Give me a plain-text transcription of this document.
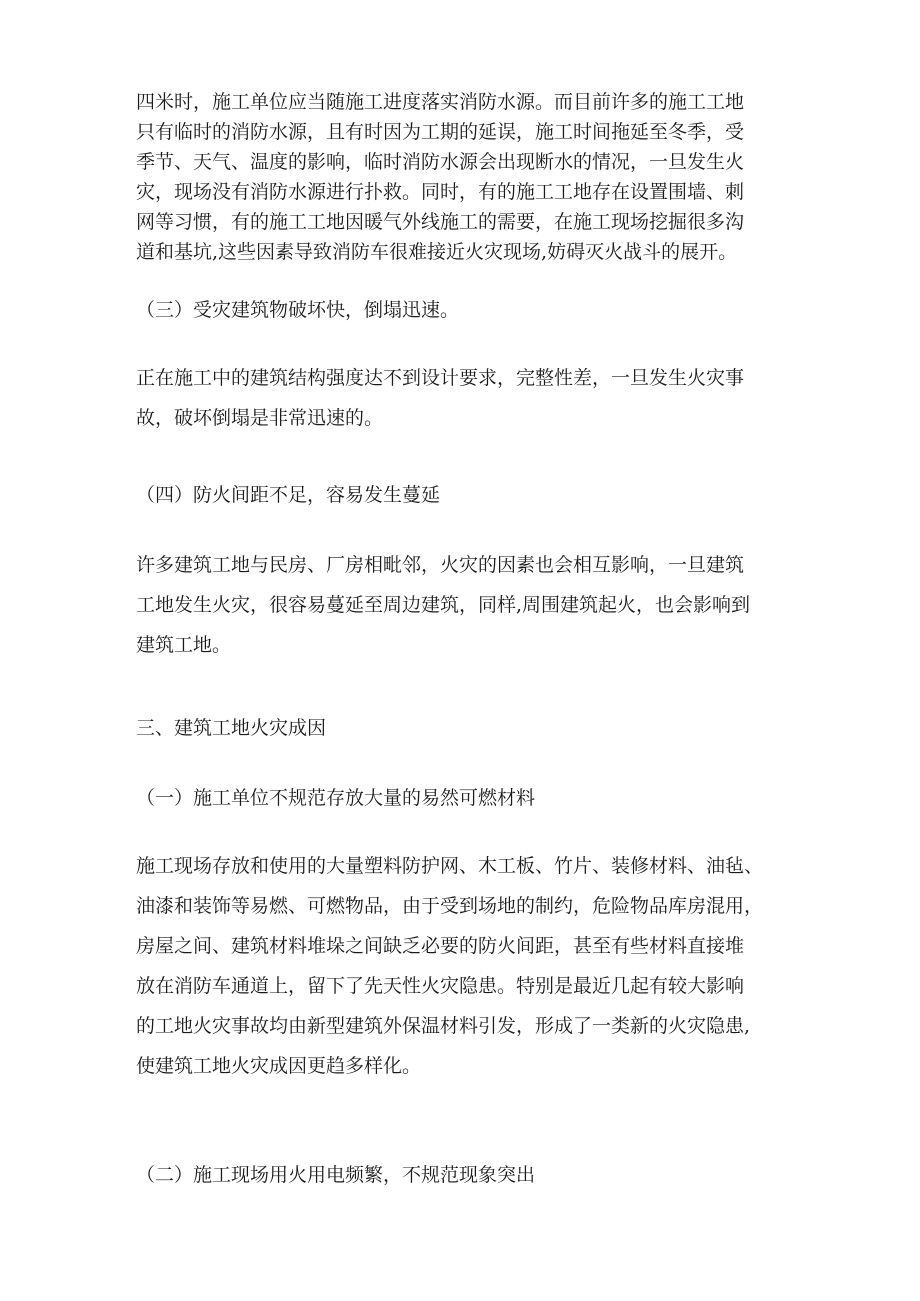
四米时，施工单位应当随施工进度落实消防水源。而目前许多的施工工地
只有临时的消防水源，且有时因为工期的延误，施工时间拖延至冬季，受
季节、天气、温度的影响，临时消防水源会出现断水的情况，一旦发生火
灾，现场没有消防水源进行扑救。同时，有的施工工地存在设置围墙、刺
网等习惯，有的施工工地因暖气外线施工的需要，在施工现场挖掘很多沟
道和基坑,这些因素导致消防车很难接近火灾现场,妨碍灭火战斗的展开。
（三）受灾建筑物破坏快，倒塌迅速。
正在施工中的建筑结构强度达不到设计要求，完整性差，一旦发生火灾事
故，破坏倒塌是非常迅速的。
（四）防火间距不足，容易发生蔓延
许多建筑工地与民房、厂房相毗邻，火灾的因素也会相互影响，一旦建筑
工地发生火灾，很容易蔓延至周边建筑，同样,周围建筑起火，也会影响到
建筑工地。
三、建筑工地火灾成因
（一）施工单位不规范存放大量的易然可燃材料
施工现场存放和使用的大量塑料防护网、木工板、竹片、装修材料、油毡、
油漆和装饰等易燃、可燃物品，由于受到场地的制约，危险物品库房混用，
房屋之间、建筑材料堆垛之间缺乏必要的防火间距，甚至有些材料直接堆
放在消防车通道上，留下了先天性火灾隐患。特别是最近几起有较大影响
的工地火灾事故均由新型建筑外保温材料引发，形成了一类新的火灾隐患,
使建筑工地火灾成因更趋多样化。
（二）施工现场用火用电频繁，不规范现象突出
